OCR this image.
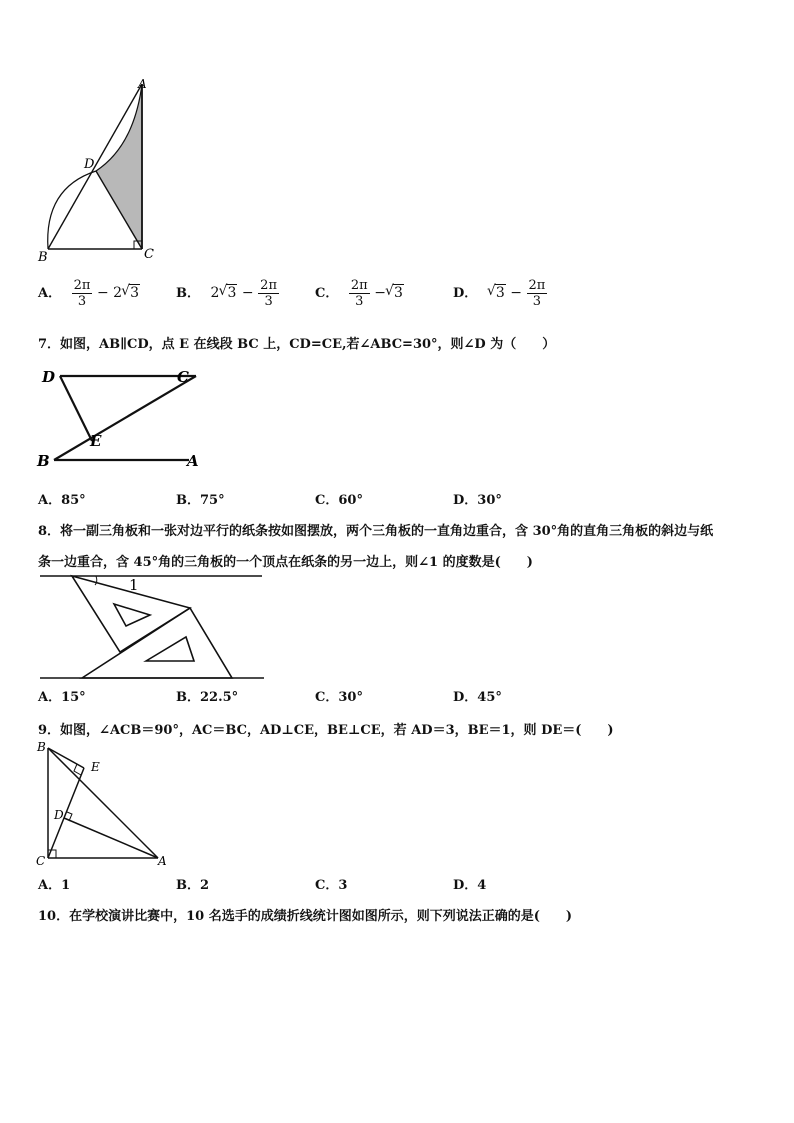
A
D
B	C
A． $\frac{2\pi}{3} - 2√$ 3	B． 2√ $3 - \frac{2\pi}{3}$	C． $\frac{2\pi}{3}$ −√ 3	D． √ $3 - \frac{2\pi}{3}$
7．如图，AB∥CD，点 E 在线段 BC 上，CD=CE,若∠ABC=30°，则∠D 为（　　）
D	C
E
B	A
A．85°	B．75°	C．60°	D．30°
8．将一副三角板和一张对边平行的纸条按如图摆放，两个三角板的一直角边重合，含 30°角的直角三角板的斜边与纸
条一边重合，含 45°角的三角板的一个顶点在纸条的另一边上，则∠1 的度数是(　　)
1
A．15°	B．22.5°	C．30°	D．45°
9．如图，∠ACB＝90°，AC＝BC，AD⊥CE，BE⊥CE，若 AD＝3，BE＝1，则 DE＝(　　)
B
E
D
C	A
A．1	B．2	C．3	D．4
10．在学校演讲比赛中，10 名选手的成绩折线统计图如图所示，则下列说法正确的是(　　)
